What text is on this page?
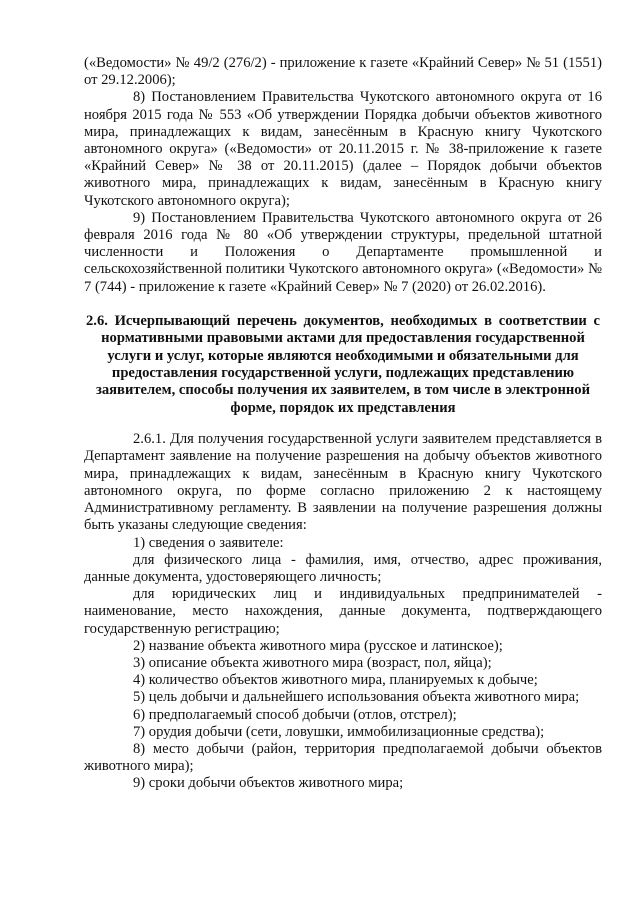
(«Ведомости» № 49/2 (276/2) - приложение к газете «Крайний Север» № 51 (1551) от 29.12.2006);

8) Постановлением Правительства Чукотского автономного округа от 16 ноября 2015 года № 553 «Об утверждении Порядка добычи объектов животного мира, принадлежащих к видам, занесённым в Красную книгу Чукотского автономного округа» («Ведомости» от 20.11.2015 г. № 38-приложение к газете «Крайний Север» № 38 от 20.11.2015) (далее – Порядок добычи объектов животного мира, принадлежащих к видам, занесённым в Красную книгу Чукотского автономного округа);

9) Постановлением Правительства Чукотского автономного округа от 26 февраля 2016 года № 80 «Об утверждении структуры, предельной штатной численности и Положения о Департаменте промышленной и сельскохозяйственной политики Чукотского автономного округа» («Ведомости» № 7 (744) - приложение к газете «Крайний Север» № 7 (2020) от 26.02.2016).

2.6. Исчерпывающий перечень документов, необходимых в соответствии с
нормативными правовыми актами для предоставления государственной
услуги и услуг, которые являются необходимыми и обязательными для
предоставления государственной услуги, подлежащих представлению
заявителем, способы получения их заявителем, в том числе в электронной
форме, порядок их представления

2.6.1. Для получения государственной услуги заявителем представляется в Департамент заявление на получение разрешения на добычу объектов животного мира, принадлежащих к видам, занесённым в Красную книгу Чукотского автономного округа, по форме согласно приложению 2 к настоящему Административному регламенту. В заявлении на получение разрешения должны быть указаны следующие сведения:

1) сведения о заявителе:

для физического лица - фамилия, имя, отчество, адрес проживания, данные документа, удостоверяющего личность;

для юридических лиц и индивидуальных предпринимателей - наименование, место нахождения, данные документа, подтверждающего государственную регистрацию;

2) название объекта животного мира (русское и латинское);

3) описание объекта животного мира (возраст, пол, яйца);

4) количество объектов животного мира, планируемых к добыче;

5) цель добычи и дальнейшего использования объекта животного мира;

6) предполагаемый способ добычи (отлов, отстрел);

7) орудия добычи (сети, ловушки, иммобилизационные средства);

8) место добычи (район, территория предполагаемой добычи объектов животного мира);

9) сроки добычи объектов животного мира;
